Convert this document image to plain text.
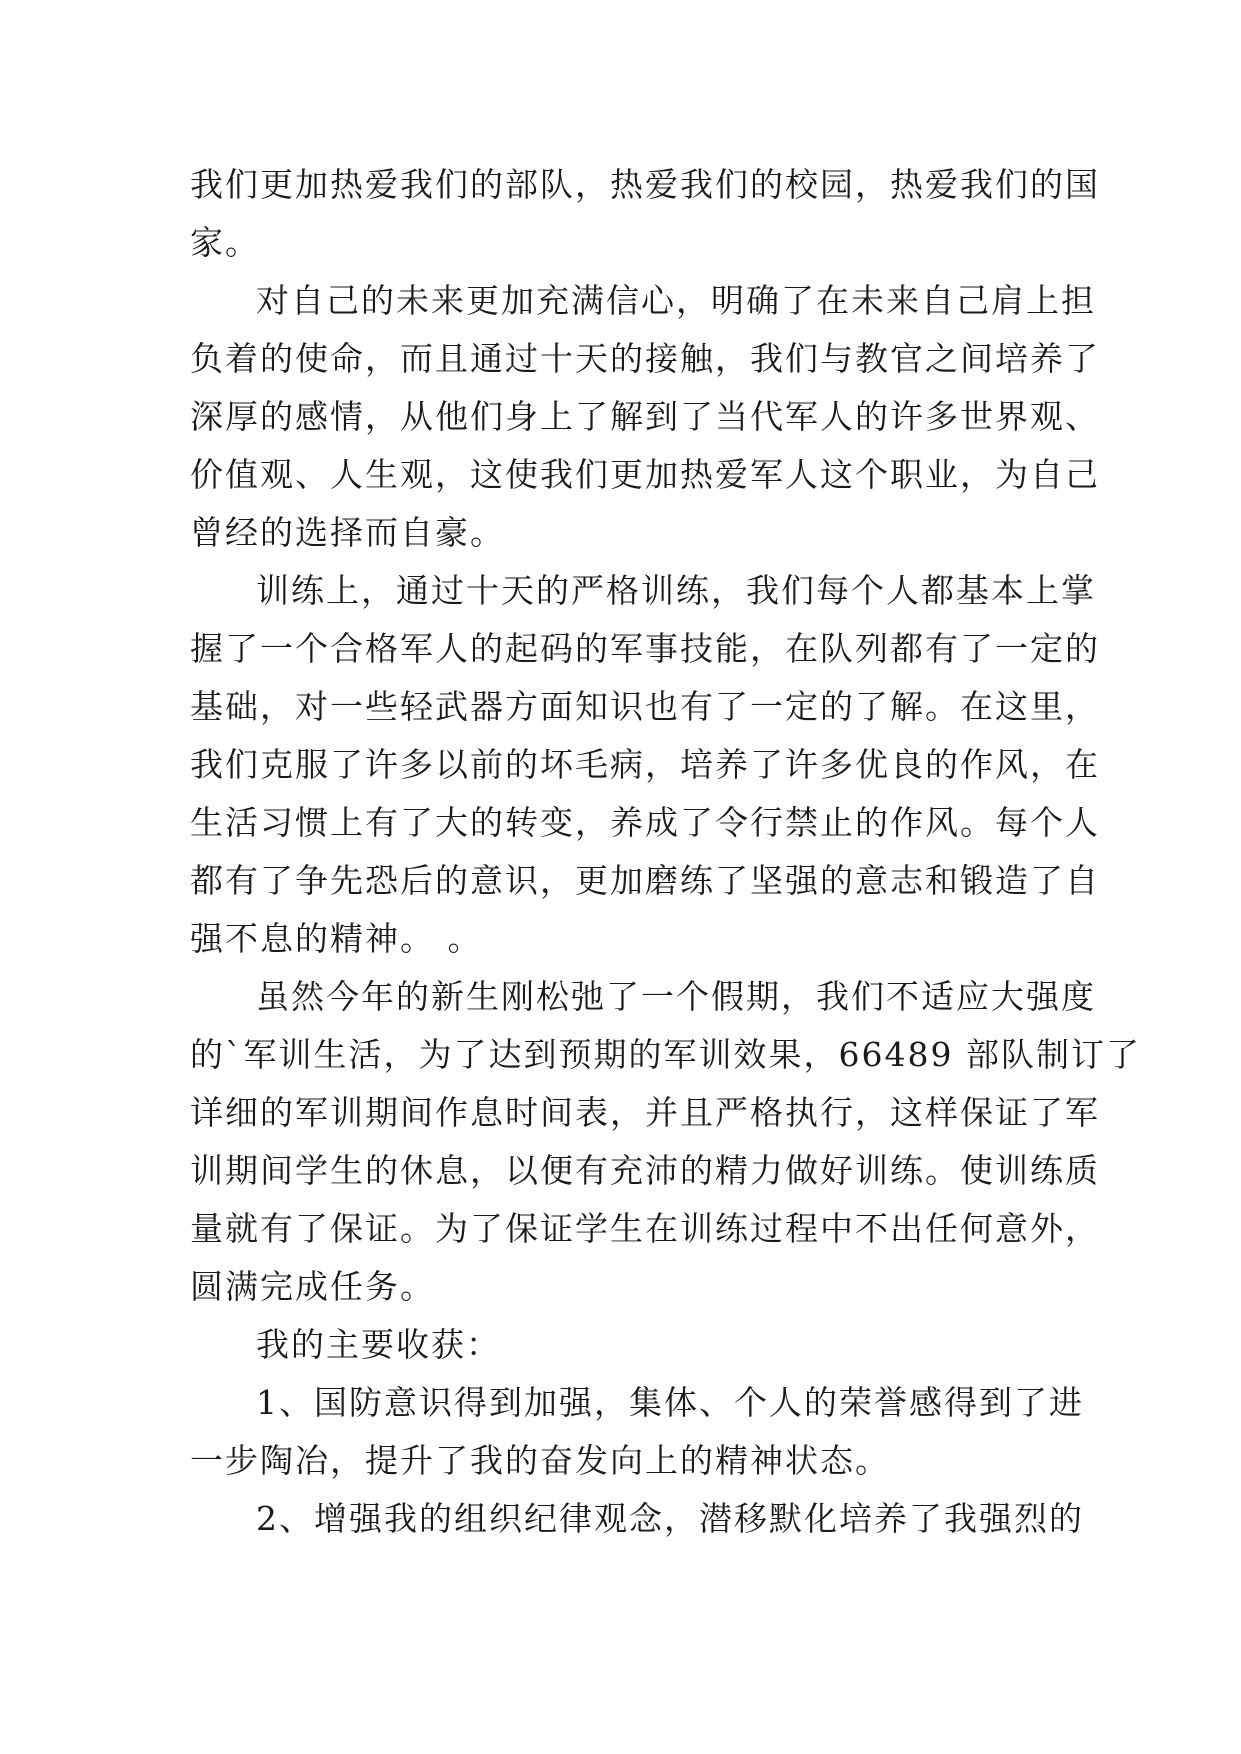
我们更加热爱我们的部队，热爱我们的校园，热爱我们的国
家。
对自己的未来更加充满信心，明确了在未来自己肩上担
负着的使命，而且通过十天的接触，我们与教官之间培养了
深厚的感情，从他们身上了解到了当代军人的许多世界观、
价值观、人生观，这使我们更加热爱军人这个职业，为自己
曾经的选择而自豪。
训练上，通过十天的严格训练，我们每个人都基本上掌
握了一个合格军人的起码的军事技能，在队列都有了一定的
基础，对一些轻武器方面知识也有了一定的了解。在这里，
我们克服了许多以前的坏毛病，培养了许多优良的作风，在
生活习惯上有了大的转变，养成了令行禁止的作风。每个人
都有了争先恐后的意识，更加磨练了坚强的意志和锻造了自
强不息的精神。 。
虽然今年的新生刚松弛了一个假期，我们不适应大强度
的`军训生活，为了达到预期的军训效果，66489 部队制订了
详细的军训期间作息时间表，并且严格执行，这样保证了军
训期间学生的休息，以便有充沛的精力做好训练。使训练质
量就有了保证。为了保证学生在训练过程中不出任何意外，
圆满完成任务。
我的主要收获：
1、国防意识得到加强，集体、个人的荣誉感得到了进
一步陶冶，提升了我的奋发向上的精神状态。
2、增强我的组织纪律观念，潜移默化培养了我强烈的
